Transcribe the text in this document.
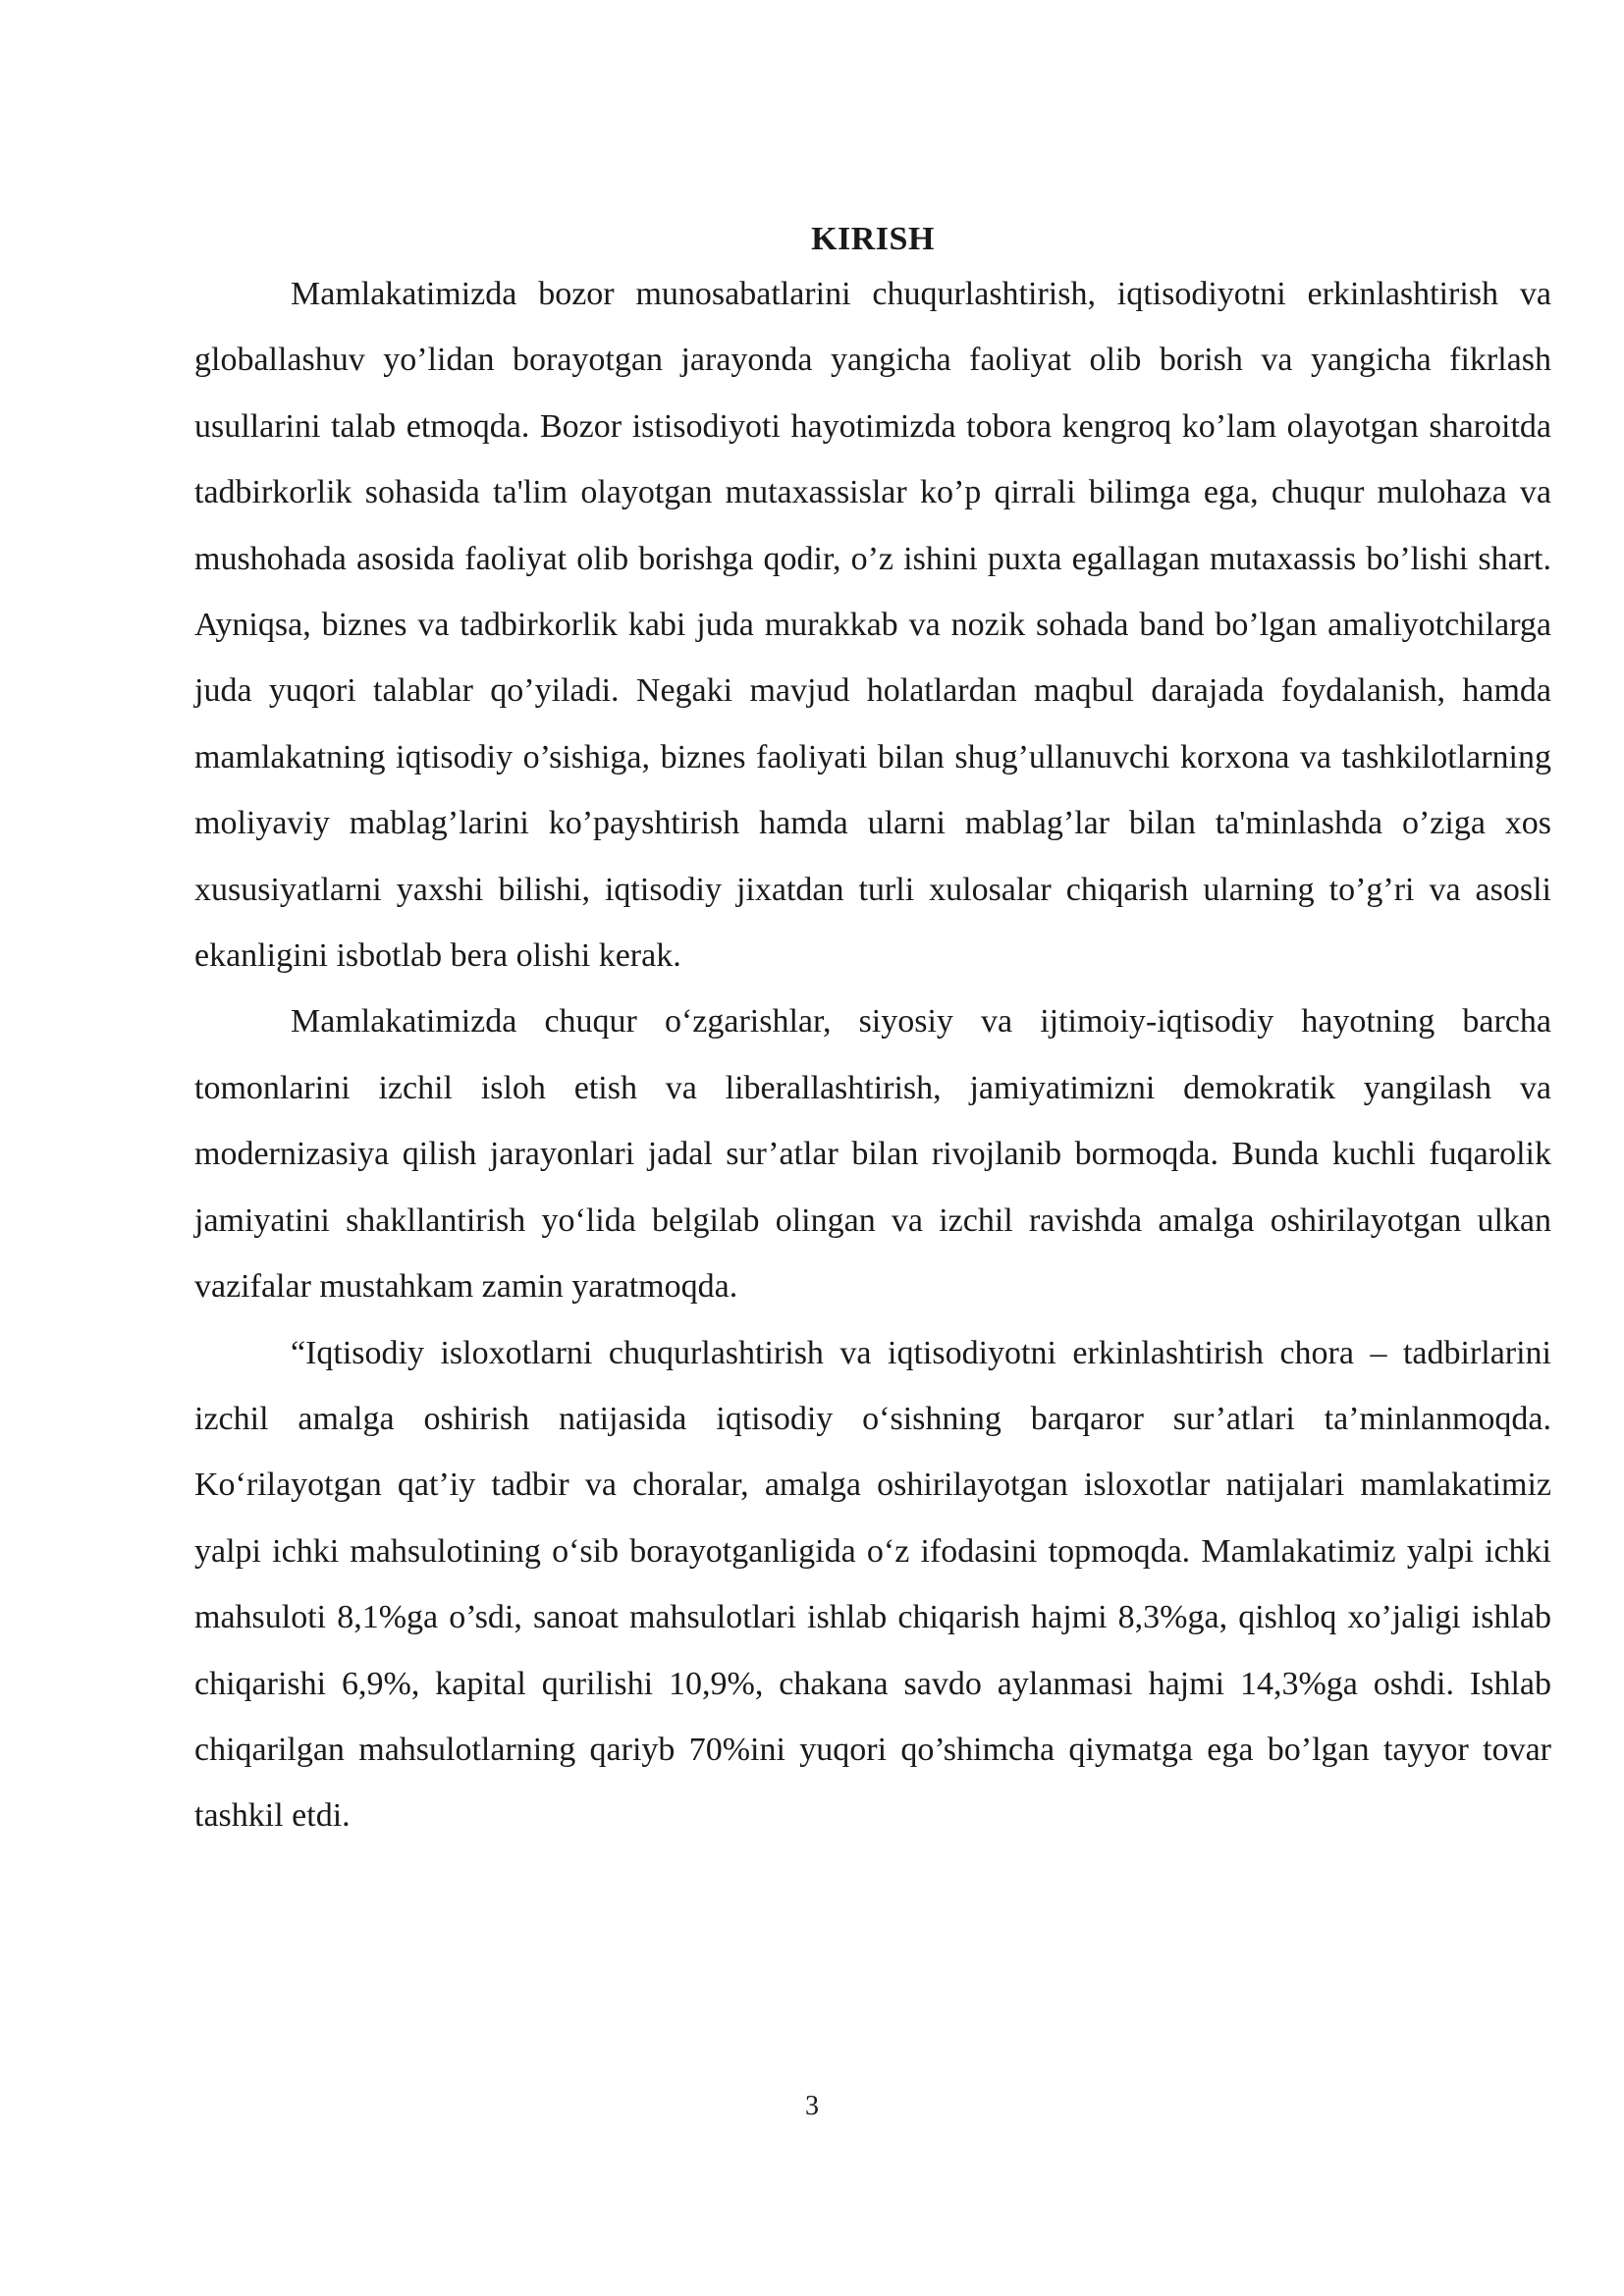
KIRISH

Mamlakatimizda bozor munosabatlarini chuqurlashtirish, iqtisodiyotni erkinlashtirish va globallashuv yo’lidan borayotgan jarayonda yangicha faoliyat olib borish va yangicha fikrlash usullarini talab etmoqda. Bozor istisodiyoti hayotimizda tobora kengroq ko’lam olayotgan sharoitda tadbirkorlik sohasida ta'lim olayotgan mutaxassislar ko’p qirrali bilimga ega, chuqur mulohaza va mushohada asosida faoliyat olib borishga qodir, o’z ishini puxta egallagan mutaxassis bo’lishi shart. Ayniqsa, biznes va tadbirkorlik kabi juda murakkab va nozik sohada band bo’lgan amaliyotchilarga juda yuqori talablar qo’yiladi. Negaki mavjud holatlardan maqbul darajada foydalanish, hamda mamlakatning iqtisodiy o’sishiga, biznes faoliyati bilan shug’ullanuvchi korxona va tashkilotlarning moliyaviy mablag’larini ko’payshtirish hamda ularni mablag’lar bilan ta'minlashda o’ziga xos xususiyatlarni yaxshi bilishi, iqtisodiy jixatdan turli xulosalar chiqarish ularning to’g’ri va asosli ekanligini isbotlab bera olishi kerak.

Mamlakatimizda chuqur o‘zgarishlar, siyosiy va ijtimoiy-iqtisodiy hayotning barcha tomonlarini izchil isloh etish va liberallashtirish, jamiyatimizni demokratik yangilash va modernizasiya qilish jarayonlari jadal sur’atlar bilan rivojlanib bormoqda. Bunda kuchli fuqarolik jamiyatini shakllantirish yo‘lida belgilab olingan va izchil ravishda amalga oshirilayotgan ulkan vazifalar mustahkam zamin yaratmoqda.

“Iqtisodiy isloxotlarni chuqurlashtirish va iqtisodiyotni erkinlashtirish chora – tadbirlarini izchil amalga oshirish natijasida iqtisodiy o‘sishning barqaror sur’atlari ta’minlanmoqda. Ko‘rilayotgan qat’iy tadbir va choralar, amalga oshirilayotgan isloxotlar natijalari mamlakatimiz yalpi ichki mahsulotining o‘sib borayotganligida o‘z ifodasini topmoqda. Mamlakatimiz yalpi ichki mahsuloti 8,1%ga o’sdi, sanoat mahsulotlari ishlab chiqarish hajmi 8,3%ga, qishloq xo’jaligi ishlab chiqarishi 6,9%, kapital qurilishi 10,9%, chakana savdo aylanmasi hajmi 14,3%ga oshdi. Ishlab chiqarilgan mahsulotlarning qariyb 70%ini yuqori qo’shimcha qiymatga ega bo’lgan tayyor tovar tashkil etdi.

3
